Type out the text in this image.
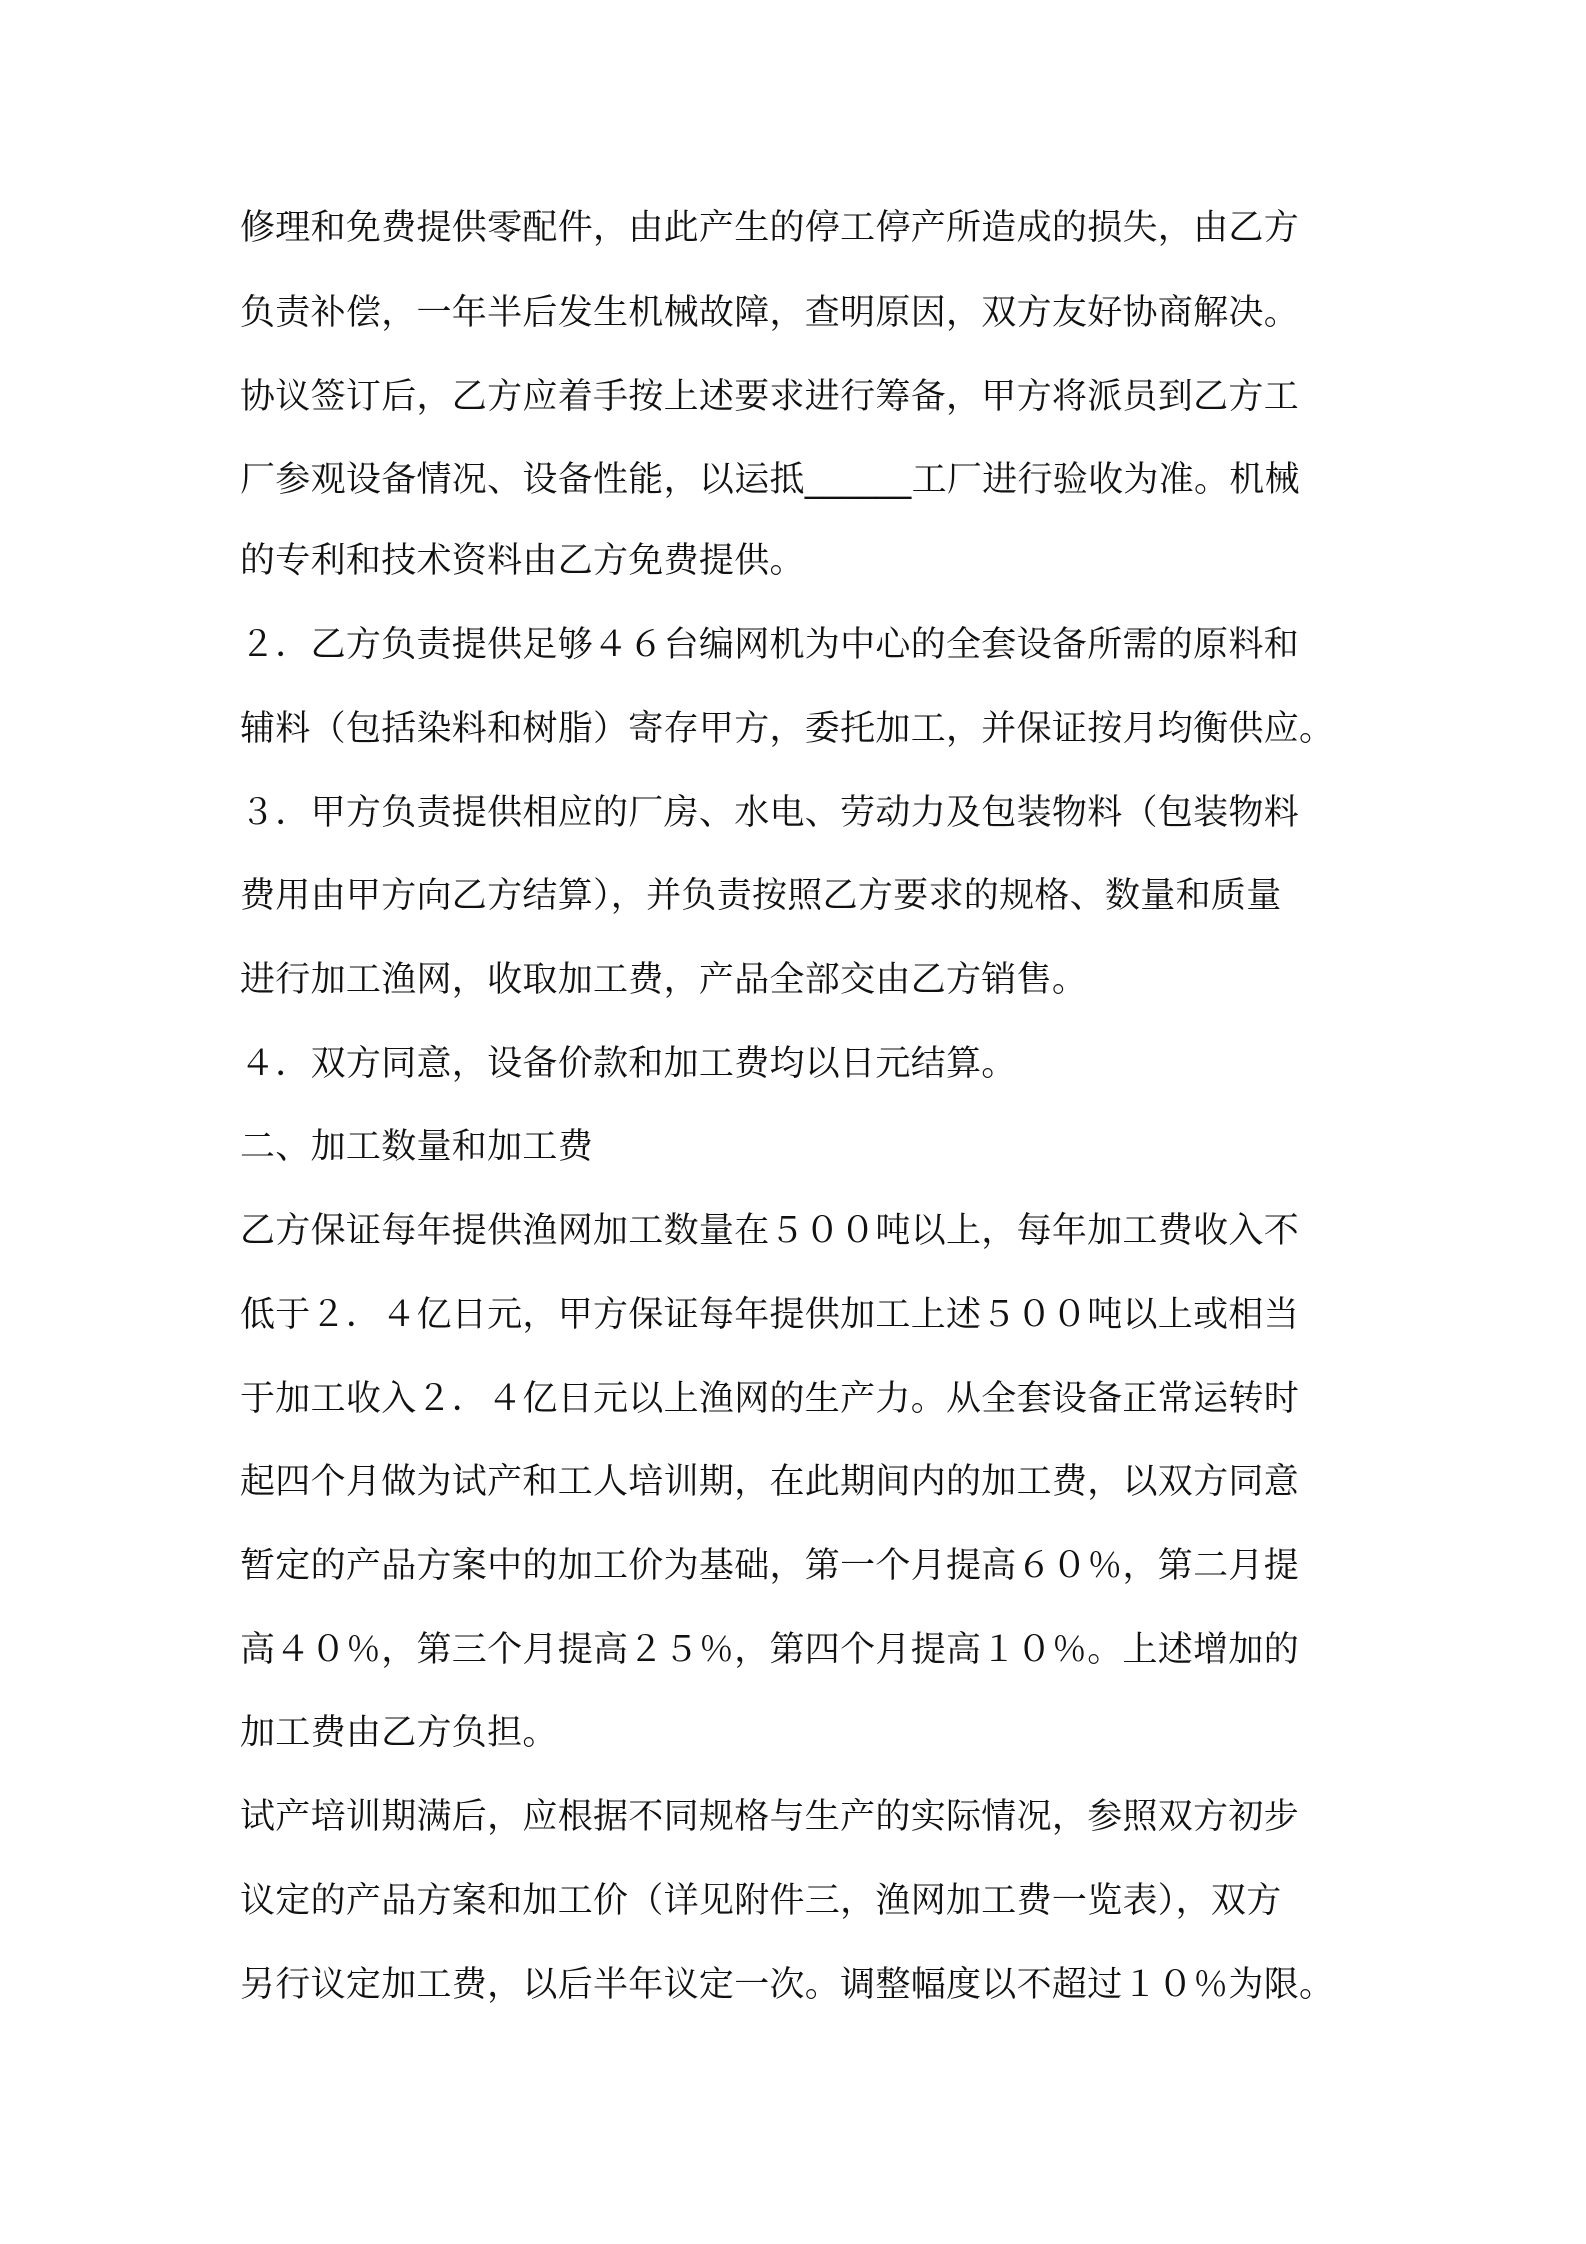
修理和免费提供零配件，由此产生的停工停产所造成的损失，由乙方

负责补偿，一年半后发生机械故障，查明原因，双方友好协商解决。

协议签订后，乙方应着手按上述要求进行筹备，甲方将派员到乙方工

厂参观设备情况、设备性能，以运抵______工厂进行验收为准。机械

的专利和技术资料由乙方免费提供。

２．乙方负责提供足够４６台编网机为中心的全套设备所需的原料和

辅料（包括染料和树脂）寄存甲方，委托加工，并保证按月均衡供应。

３．甲方负责提供相应的厂房、水电、劳动力及包装物料（包装物料

费用由甲方向乙方结算），并负责按照乙方要求的规格、数量和质量

进行加工渔网，收取加工费，产品全部交由乙方销售。

４．双方同意，设备价款和加工费均以日元结算。

二、加工数量和加工费

乙方保证每年提供渔网加工数量在５００吨以上，每年加工费收入不

低于２．４亿日元，甲方保证每年提供加工上述５００吨以上或相当

于加工收入２．４亿日元以上渔网的生产力。从全套设备正常运转时

起四个月做为试产和工人培训期，在此期间内的加工费，以双方同意

暂定的产品方案中的加工价为基础，第一个月提高６０％，第二月提

高４０％，第三个月提高２５％，第四个月提高１０％。上述增加的

加工费由乙方负担。

试产培训期满后，应根据不同规格与生产的实际情况，参照双方初步

议定的产品方案和加工价（详见附件三，渔网加工费一览表），双方

另行议定加工费，以后半年议定一次。调整幅度以不超过１０％为限。
